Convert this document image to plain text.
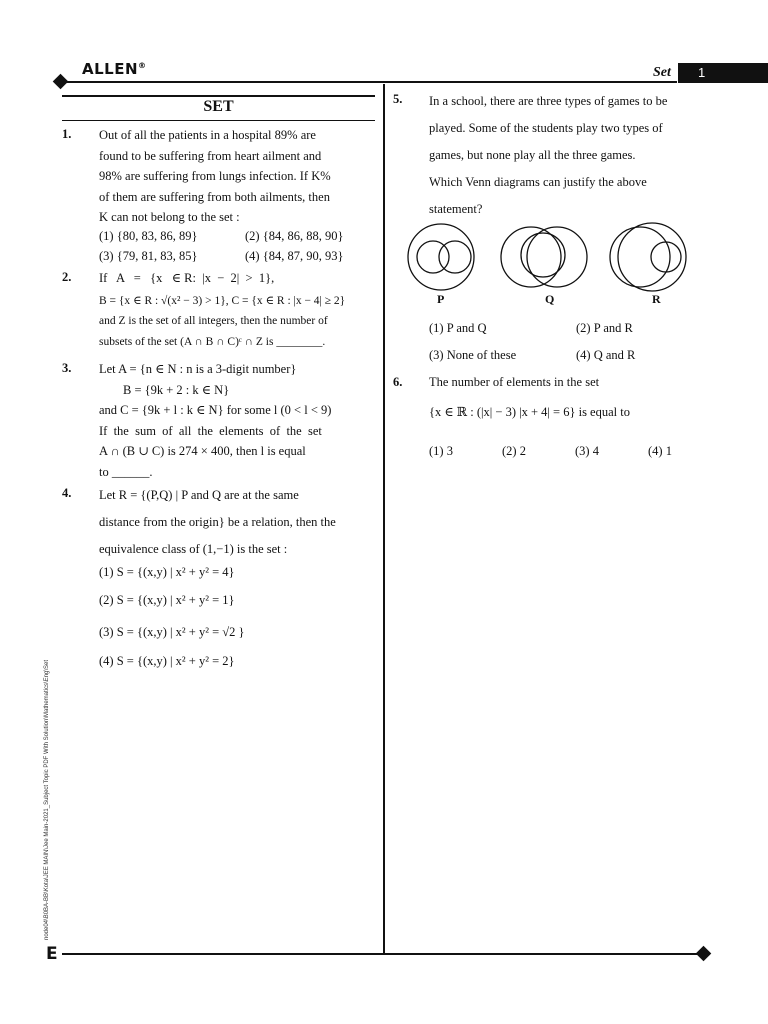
ALLEN®	Set 1
E
node04\B0BA-BB\Kota\JEE MAIN\Jee Main-2021_Subject Topic PDF With Solution\Mathematics\Eng\Set
SET
1. Out of all the patients in a hospital 89% are
found to be suffering from heart ailment and
98% are suffering from lungs infection. If K%
of them are suffering from both ailments, then
K can not belong to the set :
(1) {80, 83, 86, 89}	(2) {84, 86, 88, 90}
(3) {79, 81, 83, 85}	(4) {84, 87, 90, 93}
2. If   A   =   {x   ∈ R:  |x  −  2|  >  1},
B = {x ∈ R : √(x² − 3) > 1}, C = {x ∈ R : |x − 4| ≥ 2}
and Z is the set of all integers, then the number of
subsets of the set (A ∩ B ∩ C)ᶜ ∩ Z is ________.
3. Let A = {n ∈ N : n is a 3-digit number}
B = {9k + 2 : k ∈ N}
and C = {9k + l : k ∈ N} for some l (0 < l < 9)
If  the  sum  of  all  the  elements  of  the  set
A ∩ (B ∪ C) is 274 × 400, then l is equal
to ______.
4. Let R = {(P,Q) | P and Q are at the same
distance from the origin} be a relation, then the
equivalence class of (1,−1) is the set :
(1) S = {(x,y) | x² + y² = 4}
(2) S = {(x,y) | x² + y² = 1}
(3) S = {(x,y) | x² + y² = √2 }
(4) S = {(x,y) | x² + y² = 2}
5. In a school, there are three types of games to be
played. Some of the students play two types of
games, but none play all the three games.
Which Venn diagrams can justify the above
statement?
P	Q	R
(1) P and Q	(2) P and R
(3) None of these	(4) Q and R
6. The number of elements in the set
{x ∈ ℝ : (|x| − 3) |x + 4| = 6} is equal to
(1) 3	(2) 2	(3) 4	(4) 1
